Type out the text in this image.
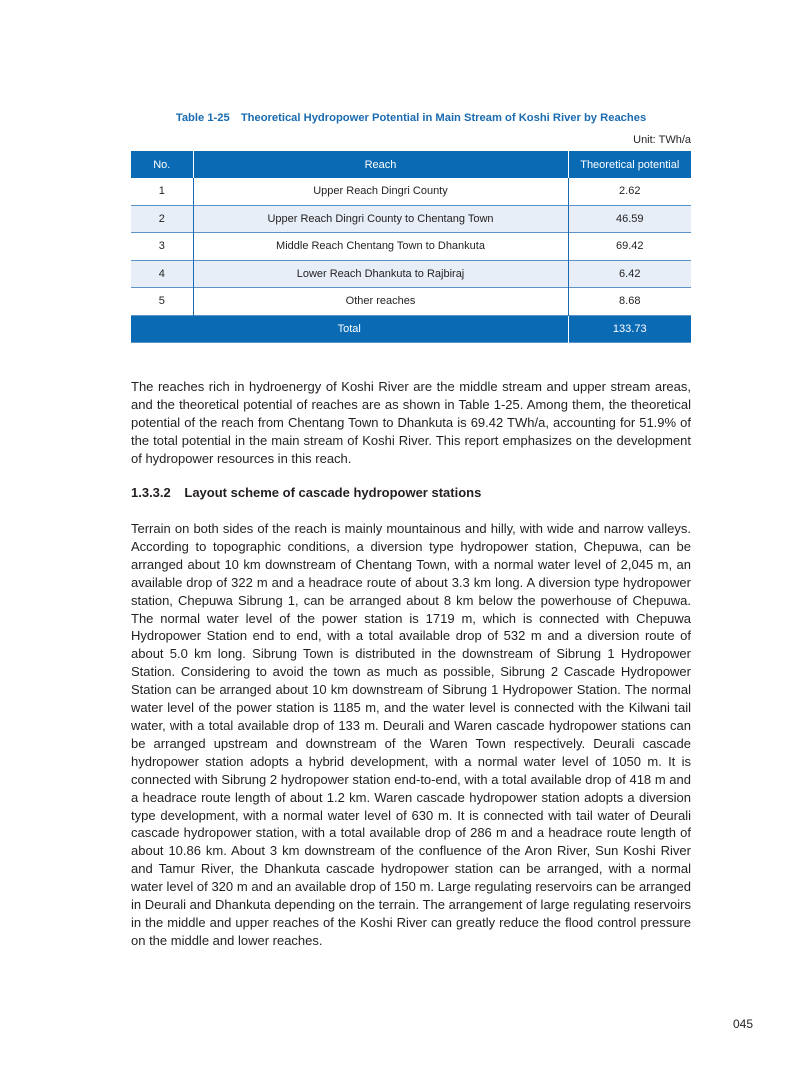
Table 1-25 Theoretical Hydropower Potential in Main Stream of Koshi River by Reaches
Unit: TWh/a
No.	Reach	Theoretical potential
1	Upper Reach Dingri County	2.62
2	Upper Reach Dingri County to Chentang Town	46.59
3	Middle Reach Chentang Town to Dhankuta	69.42
4	Lower Reach Dhankuta to Rajbiraj	6.42
5	Other reaches	8.68
Total		133.73

The reaches rich in hydroenergy of Koshi River are the middle stream and upper stream areas, and the theoretical potential of reaches are as shown in Table 1-25. Among them, the theoretical potential of the reach from Chentang Town to Dhankuta is 69.42 TWh/a, accounting for 51.9% of the total potential in the main stream of Koshi River. This report emphasizes on the development of hydropower resources in this reach.

1.3.3.2 Layout scheme of cascade hydropower stations

Terrain on both sides of the reach is mainly mountainous and hilly, with wide and narrow valleys. According to topographic conditions, a diversion type hydropower station, Chepuwa, can be arranged about 10 km downstream of Chentang Town, with a normal water level of 2,045 m, an available drop of 322 m and a headrace route of about 3.3 km long. A diversion type hydropower station, Chepuwa Sibrung 1, can be arranged about 8 km below the powerhouse of Chepuwa. The normal water level of the power station is 1719 m, which is connected with Chepuwa Hydropower Station end to end, with a total available drop of 532 m and a diversion route of about 5.0 km long. Sibrung Town is distributed in the downstream of Sibrung 1 Hydropower Station. Considering to avoid the town as much as possible, Sibrung 2 Cascade Hydropower Station can be arranged about 10 km downstream of Sibrung 1 Hydropower Station. The normal water level of the power station is 1185 m, and the water level is connected with the Kilwani tail water, with a total available drop of 133 m. Deurali and Waren cascade hydropower stations can be arranged upstream and downstream of the Waren Town respectively. Deurali cascade hydropower station adopts a hybrid development, with a normal water level of 1050 m. It is connected with Sibrung 2 hydropower station end-to-end, with a total available drop of 418 m and a headrace route length of about 1.2 km. Waren cascade hydropower station adopts a diversion type development, with a normal water level of 630 m. It is connected with tail water of Deurali cascade hydropower station, with a total available drop of 286 m and a headrace route length of about 10.86 km. About 3 km downstream of the confluence of the Aron River, Sun Koshi River and Tamur River, the Dhankuta cascade hydropower station can be arranged, with a normal water level of 320 m and an available drop of 150 m. Large regulating reservoirs can be arranged in Deurali and Dhankuta depending on the terrain. The arrangement of large regulating reservoirs in the middle and upper reaches of the Koshi River can greatly reduce the flood control pressure on the middle and lower reaches.

045
